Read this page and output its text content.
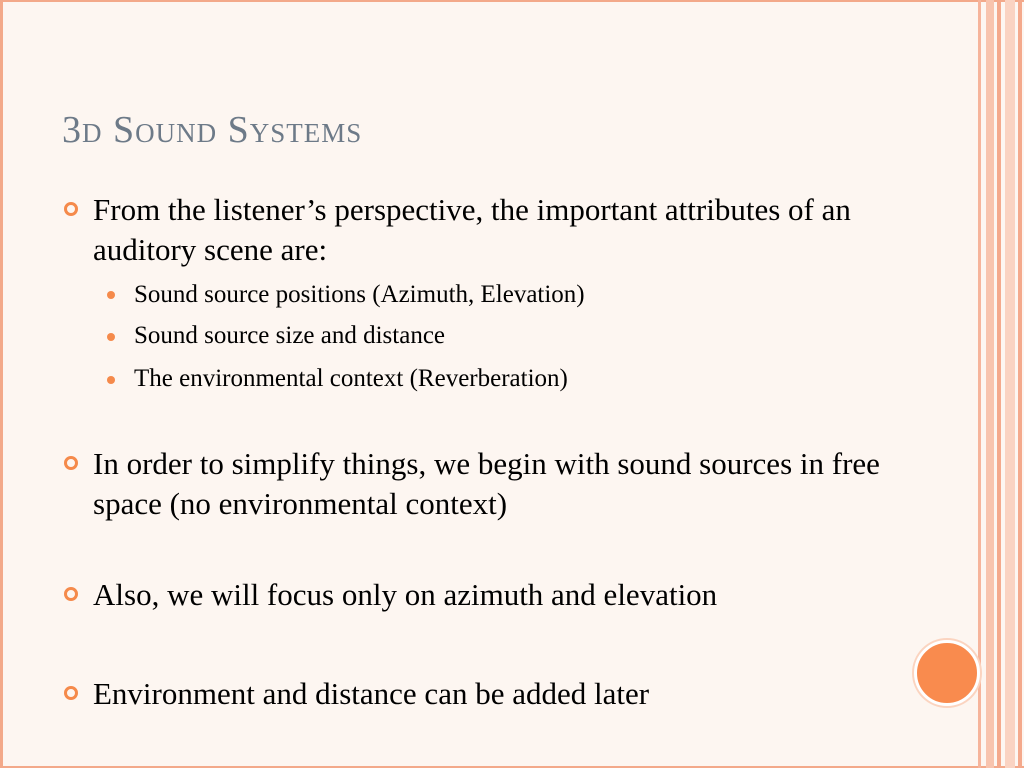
3d Sound Systems
From the listener’s perspective, the important attributes of an auditory scene are:
Sound source positions (Azimuth, Elevation)
Sound source size and distance
The environmental context (Reverberation)
In order to simplify things, we begin with sound sources in free space (no environmental context)
Also, we will focus only on azimuth and elevation
Environment and distance can be added later
